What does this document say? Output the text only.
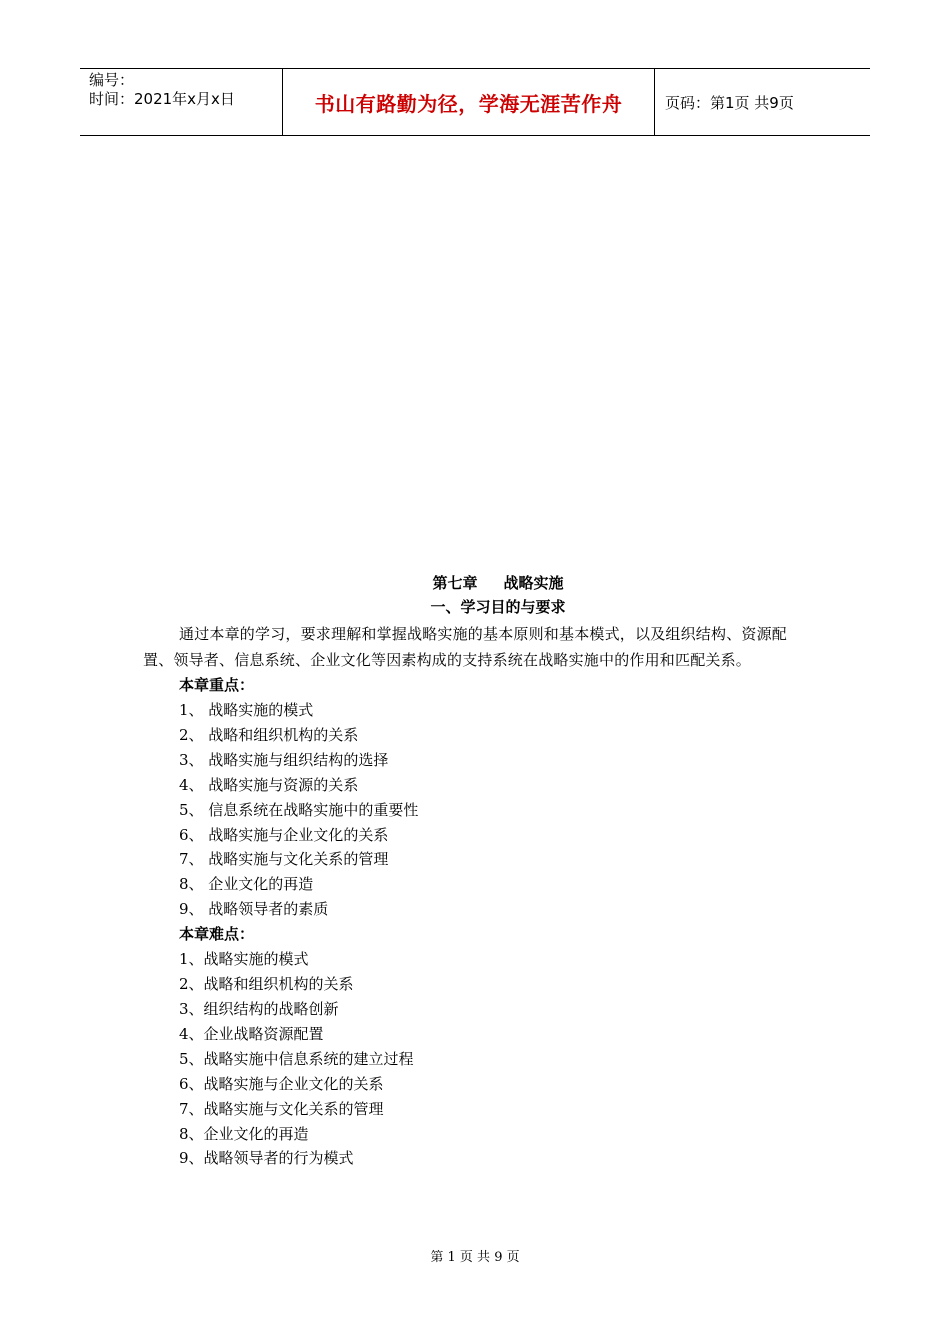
编号：
时间：2021年x月x日	书山有路勤为径，学海无涯苦作舟	页码：第1页 共9页
第七章 战略实施
一、学习目的与要求

通过本章的学习，要求理解和掌握战略实施的基本原则和基本模式，以及组织结构、资源配置、领导者、信息系统、企业文化等因素构成的支持系统在战略实施中的作用和匹配关系。

本章重点：
1、 战略实施的模式
2、 战略和组织机构的关系
3、 战略实施与组织结构的选择
4、 战略实施与资源的关系
5、 信息系统在战略实施中的重要性
6、 战略实施与企业文化的关系
7、 战略实施与文化关系的管理
8、 企业文化的再造
9、 战略领导者的素质
本章难点：
1、战略实施的模式
2、战略和组织机构的关系
3、组织结构的战略创新
4、企业战略资源配置
5、战略实施中信息系统的建立过程
6、战略实施与企业文化的关系
7、战略实施与文化关系的管理
8、企业文化的再造
9、战略领导者的行为模式
第 1 页 共 9 页
